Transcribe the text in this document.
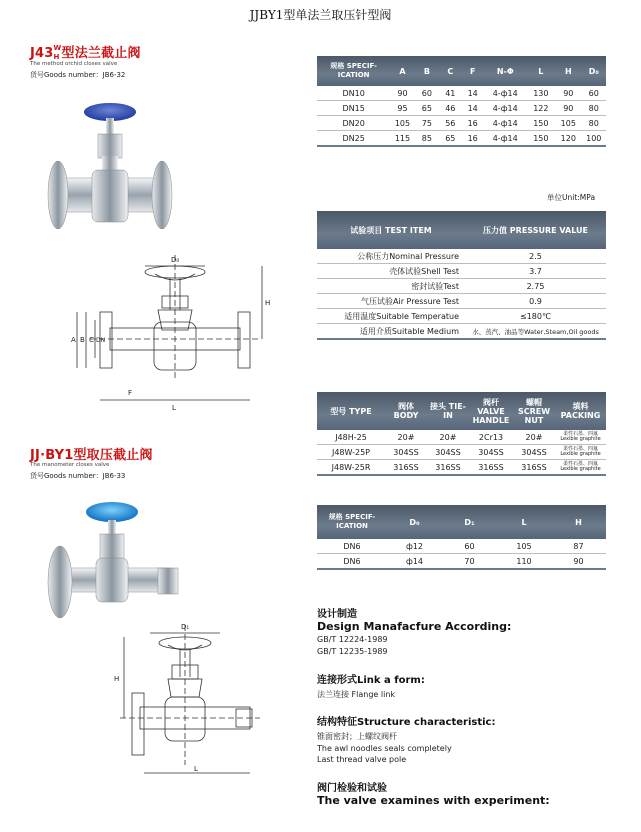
JJBY1型单法兰取压针型阀
J43 W
H 型法兰截止阀
The method orchid closes valve
货号Goods number：JB6-32
D₀
H
L
F
A B C DN
JJ·BY1型取压截止阀
The manometer closes valve
货号Goods number：JB6-33
D₁
H
L
规格 SPECIF-ICATION	A	B	C	F	N-Φ	L	H	D₀
DN10	90	60	41	14	4-ф14	130	90	60
DN15	95	65	46	14	4-ф14	122	90	80
DN20	105	75	56	16	4-ф14	150	105	80
DN25	115	85	65	16	4-ф14	150	120	100
单位Unit:MPa
试验项目 TEST ITEM	压力值 PRESSURE VALUE
公称压力Nominal Pressure	2.5
壳体试验Shell Test	3.7
密封试验Test	2.75
气压试验Air Pressure Test	0.9
适用温度Suitable Temperatue	≤180℃
适用介质Suitable Medium	水、蒸汽、油品等Water,Steam,Oil goods
型号 TYPE	阀体 BODY	接头 TIE-IN	阀杆 VALVE HANDLE	螺帽 SCREW NUT	填料 PACKING
J48H-25	20#	20#	2Cr13	20#	柔性石墨、四氟 Lexible graphite
J48W-25P	304SS	304SS	304SS	304SS	柔性石墨、四氟 Lexible graphite
J48W-25R	316SS	316SS	316SS	316SS	柔性石墨、四氟 Lexible graphite
规格 SPECIF-ICATION	D₀	D₁	L	H
DN6	ф12	60	105	87
DN6	ф14	70	110	90
设计制造
Design Manafacfure According:
GB/T 12224-1989
GB/T 12235-1989
连接形式Link a form:
法兰连接 Flange link
结构特征Structure characteristic:
锥面密封；上螺纹阀杆
The awl noodles seals completely
Last thread valve pole
阀门检验和试验
The valve examines with experiment:
